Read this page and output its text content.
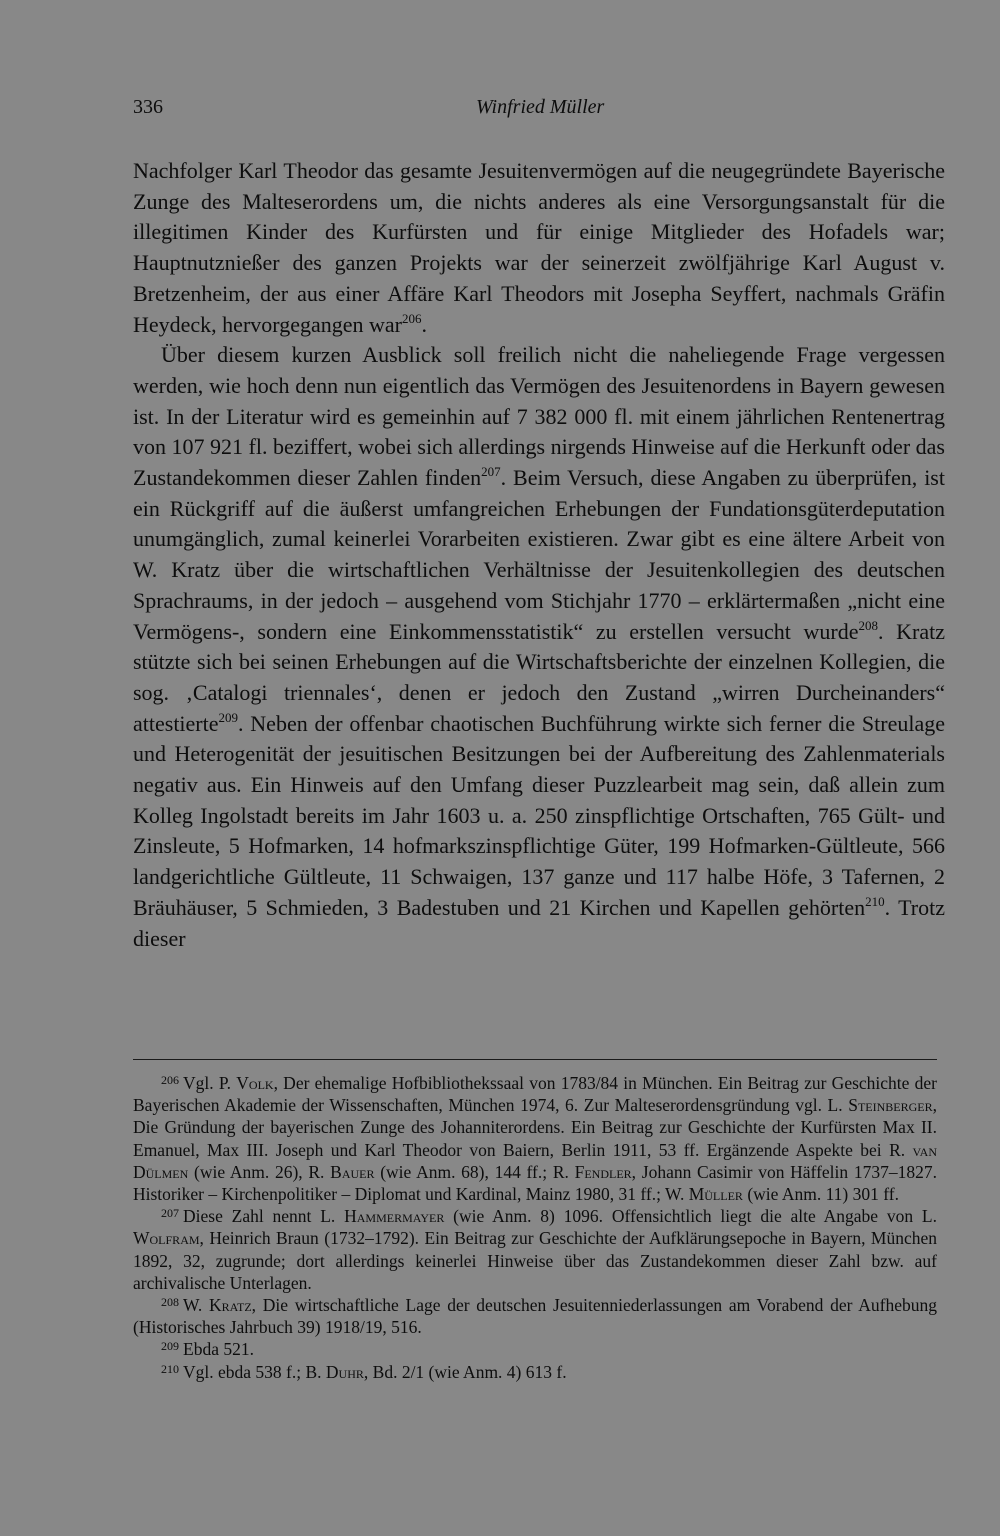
336	Winfried Müller

Nachfolger Karl Theodor das gesamte Jesuitenvermögen auf die neugegründete Bayerische Zunge des Malteserordens um, die nichts anderes als eine Versorgungsanstalt für die illegitimen Kinder des Kurfürsten und für einige Mitglieder des Hofadels war; Hauptnutznießer des ganzen Projekts war der seinerzeit zwölfjährige Karl August v. Bretzenheim, der aus einer Affäre Karl Theodors mit Josepha Seyffert, nachmals Gräfin Heydeck, hervorgegangen war$^{206}$.

Über diesem kurzen Ausblick soll freilich nicht die naheliegende Frage vergessen werden, wie hoch denn nun eigentlich das Vermögen des Jesuitenordens in Bayern gewesen ist. In der Literatur wird es gemeinhin auf 7 382 000 fl. mit einem jährlichen Rentenertrag von 107 921 fl. beziffert, wobei sich allerdings nirgends Hinweise auf die Herkunft oder das Zustandekommen dieser Zahlen finden$^{207}$. Beim Versuch, diese Angaben zu überprüfen, ist ein Rückgriff auf die äußerst umfangreichen Erhebungen der Fundationsgüterdeputation unumgänglich, zumal keinerlei Vorarbeiten existieren. Zwar gibt es eine ältere Arbeit von W. Kratz über die wirtschaftlichen Verhältnisse der Jesuitenkollegien des deutschen Sprachraums, in der jedoch – ausgehend vom Stichjahr 1770 – erklärtermaßen „nicht eine Vermögens-, sondern eine Einkommensstatistik“ zu erstellen versucht wurde$^{208}$. Kratz stützte sich bei seinen Erhebungen auf die Wirtschaftsberichte der einzelnen Kollegien, die sog. ‚Catalogi triennales‘, denen er jedoch den Zustand „wirren Durcheinanders“ attestierte$^{209}$. Neben der offenbar chaotischen Buchführung wirkte sich ferner die Streulage und Heterogenität der jesuitischen Besitzungen bei der Aufbereitung des Zahlenmaterials negativ aus. Ein Hinweis auf den Umfang dieser Puzzlearbeit mag sein, daß allein zum Kolleg Ingolstadt bereits im Jahr 1603 u. a. 250 zinspflichtige Ortschaften, 765 Gült- und Zinsleute, 5 Hofmarken, 14 hofmarkszinspflichtige Güter, 199 Hofmarken-Gültleute, 566 landgerichtliche Gültleute, 11 Schwaigen, 137 ganze und 117 halbe Höfe, 3 Tafernen, 2 Bräuhäuser, 5 Schmieden, 3 Badestuben und 21 Kirchen und Kapellen gehörten$^{210}$. Trotz dieser

$^{206}$ Vgl. P. Volk, Der ehemalige Hofbibliothekssaal von 1783/84 in München. Ein Beitrag zur Geschichte der Bayerischen Akademie der Wissenschaften, München 1974, 6. Zur Malteserordensgründung vgl. L. Steinberger, Die Gründung der bayerischen Zunge des Johanniterordens. Ein Beitrag zur Geschichte der Kurfürsten Max II. Emanuel, Max III. Joseph und Karl Theodor von Baiern, Berlin 1911, 53 ff. Ergänzende Aspekte bei R. van Dülmen (wie Anm. 26), R. Bauer (wie Anm. 68), 144 ff.; R. Fendler, Johann Casimir von Häffelin 1737–1827. Historiker – Kirchenpolitiker – Diplomat und Kardinal, Mainz 1980, 31 ff.; W. Müller (wie Anm. 11) 301 ff.

$^{207}$ Diese Zahl nennt L. Hammermayer (wie Anm. 8) 1096. Offensichtlich liegt die alte Angabe von L. Wolfram, Heinrich Braun (1732–1792). Ein Beitrag zur Geschichte der Aufklärungsepoche in Bayern, München 1892, 32, zugrunde; dort allerdings keinerlei Hinweise über das Zustandekommen dieser Zahl bzw. auf archivalische Unterlagen.

$^{208}$ W. Kratz, Die wirtschaftliche Lage der deutschen Jesuitenniederlassungen am Vorabend der Aufhebung (Historisches Jahrbuch 39) 1918/19, 516.

$^{209}$ Ebda 521.

$^{210}$ Vgl. ebda 538 f.; B. Duhr, Bd. 2/1 (wie Anm. 4) 613 f.
